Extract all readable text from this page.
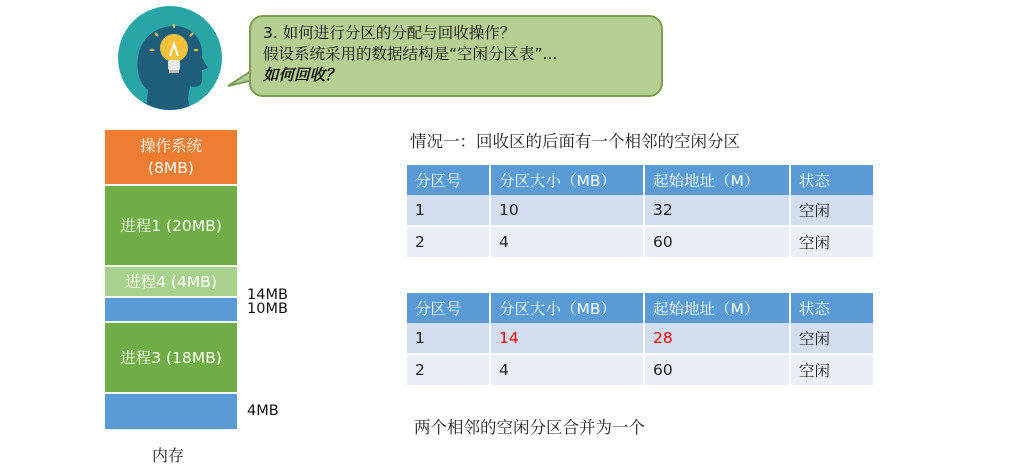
3. 如何进行分区的分配与回收操作？
假设系统采用的数据结构是“空闲分区表”...
如何回收？
操作系统
(8MB)
进程1 (20MB)
进程4 (4MB)
进程3 (18MB)
14MB
10MB
4MB
内存
情况一：回收区的后面有一个相邻的空闲分区
分区号	分区大小（MB）	起始地址（M）	状态
1	10	32	空闲
2	4	60	空闲
分区号	分区大小（MB）	起始地址（M）	状态
1	14	28	空闲
2	4	60	空闲
两个相邻的空闲分区合并为一个
